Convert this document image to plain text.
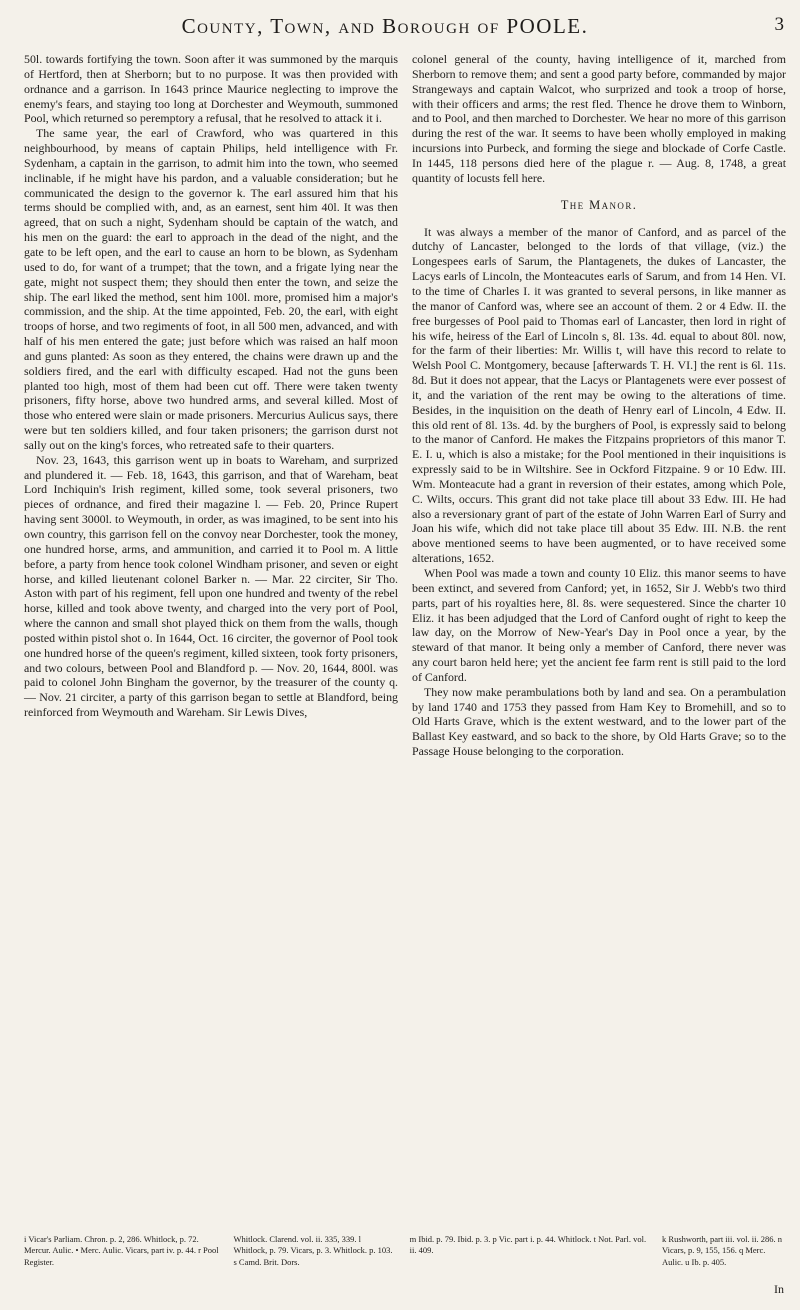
County, Town, and Borough of POOLE.	3

50l. towards fortifying the town. Soon after it was summoned by the marquis of Hertford, then at Sherborn; but to no purpose. It was then provided with ordnance and a garrison. In 1643 prince Maurice neglecting to improve the enemy's fears, and staying too long at Dorchester and Weymouth, summoned Pool, which returned so peremptory a refusal, that he resolved to attack it i.

The same year, the earl of Crawford, who was quartered in this neighbourhood, by means of captain Philips, held intelligence with Fr. Sydenham, a captain in the garrison, to admit him into the town, who seemed inclinable, if he might have his pardon, and a valuable consideration; but he communicated the design to the governor k. The earl assured him that his terms should be complied with, and, as an earnest, sent him 40l. It was then agreed, that on such a night, Sydenham should be captain of the watch, and his men on the guard: the earl to approach in the dead of the night, and the gate to be left open, and the earl to cause an horn to be blown, as Sydenham used to do, for want of a trumpet; that the town, and a frigate lying near the gate, might not suspect them; they should then enter the town, and seize the ship. The earl liked the method, sent him 100l. more, promised him a major's commission, and the ship. At the time appointed, Feb. 20, the earl, with eight troops of horse, and two regiments of foot, in all 500 men, advanced, and with half of his men entered the gate; just before which was raised an half moon and guns planted: As soon as they entered, the chains were drawn up and the soldiers fired, and the earl with difficulty escaped. Had not the guns been planted too high, most of them had been cut off. There were taken twenty prisoners, fifty horse, above two hundred arms, and several killed. Most of those who entered were slain or made prisoners. Mercurius Aulicus says, there were but ten soldiers killed, and four taken prisoners; the garrison durst not sally out on the king's forces, who retreated safe to their quarters.

Nov. 23, 1643, this garrison went up in boats to Wareham, and surprized and plundered it. — Feb. 18, 1643, this garrison, and that of Wareham, beat Lord Inchiquin's Irish regiment, killed some, took several prisoners, two pieces of ordnance, and fired their magazine l. — Feb. 20, Prince Rupert having sent 3000l. to Weymouth, in order, as was imagined, to be sent into his own country, this garrison fell on the convoy near Dorchester, took the money, one hundred horse, arms, and ammunition, and carried it to Pool m. A little before, a party from hence took colonel Windham prisoner, and seven or eight horse, and killed lieutenant colonel Barker n. — Mar. 22 circiter, Sir Tho. Aston with part of his regiment, fell upon one hundred and twenty of the rebel horse, killed and took above twenty, and charged into the very port of Pool, where the cannon and small shot played thick on them from the walls, though posted within pistol shot o. In 1644, Oct. 16 circiter, the governor of Pool took one hundred horse of the queen's regiment, killed sixteen, took forty prisoners, and two colours, between Pool and Blandford p. — Nov. 20, 1644, 800l. was paid to colonel John Bingham the governor, by the treasurer of the county q. — Nov. 21 circiter, a party of this garrison began to settle at Blandford, being reinforced from Weymouth and Wareham. Sir Lewis Dives,

colonel general of the county, having intelligence of it, marched from Sherborn to remove them; and sent a good party before, commanded by major Strangeways and captain Walcot, who surprized and took a troop of horse, with their officers and arms; the rest fled. Thence he drove them to Winborn, and to Pool, and then marched to Dorchester. We hear no more of this garrison during the rest of the war. It seems to have been wholly employed in making incursions into Purbeck, and forming the siege and blockade of Corfe Castle. In 1445, 118 persons died here of the plague r. — Aug. 8, 1748, a great quantity of locusts fell here.

The Manor.

It was always a member of the manor of Canford, and as parcel of the dutchy of Lancaster, belonged to the lords of that village, (viz.) the Longespees earls of Sarum, the Plantagenets, the dukes of Lancaster, the Lacys earls of Lincoln, the Monteacutes earls of Sarum, and from 14 Hen. VI. to the time of Charles I. it was granted to several persons, in like manner as the manor of Canford was, where see an account of them. 2 or 4 Edw. II. the free burgesses of Pool paid to Thomas earl of Lancaster, then lord in right of his wife, heiress of the Earl of Lincoln s, 8l. 13s. 4d. equal to about 80l. now, for the farm of their liberties: Mr. Willis t, will have this record to relate to Welsh Pool C. Montgomery, because [afterwards T. H. VI.] the rent is 6l. 11s. 8d. But it does not appear, that the Lacys or Plantagenets were ever possest of it, and the variation of the rent may be owing to the alterations of time. Besides, in the inquisition on the death of Henry earl of Lincoln, 4 Edw. II. this old rent of 8l. 13s. 4d. by the burghers of Pool, is expressly said to belong to the manor of Canford. He makes the Fitzpains proprietors of this manor T. E. I. u, which is also a mistake; for the Pool mentioned in their inquisitions is expressly said to be in Wiltshire. See in Ockford Fitzpaine. 9 or 10 Edw. III. Wm. Monteacute had a grant in reversion of their estates, among which Pole, C. Wilts, occurs. This grant did not take place till about 33 Edw. III. He had also a reversionary grant of part of the estate of John Warren Earl of Surry and Joan his wife, which did not take place till about 35 Edw. III. N.B. the rent above mentioned seems to have been augmented, or to have received some alterations, 1652.

When Pool was made a town and county 10 Eliz. this manor seems to have been extinct, and severed from Canford; yet, in 1652, Sir J. Webb's two third parts, part of his royalties here, 8l. 8s. were sequestered. Since the charter 10 Eliz. it has been adjudged that the Lord of Canford ought of right to keep the law day, on the Morrow of New-Year's Day in Pool once a year, by the steward of that manor. It being only a member of Canford, there never was any court baron held here; yet the ancient fee farm rent is still paid to the lord of Canford.

They now make perambulations both by land and sea. On a perambulation by land 1740 and 1753 they passed from Ham Key to Bromehill, and so to Old Harts Grave, which is the extent westward, and to the lower part of the Ballast Key eastward, and so back to the shore, by Old Harts Grave; so to the Passage House belonging to the corporation.

i Vicar's Parliam. Chron. p. 2, 286. Whitlock, p. 72. Mercur. Aulic. • Merc. Aulic. Vicars, part iv. p. 44. r Pool Register.
Whitlock. Clarend. vol. ii. 335, 339. l Whitlock, p. 79. Vicars, p. 3. Whitlock. p. 103. s Camd. Brit. Dors.
m Ibid. p. 79. Ibid. p. 3. p Vic. part i. p. 44. Whitlock. t Not. Parl. vol. ii. 409.
k Rushworth, part iii. vol. ii. 286. n Vicars, p. 9, 155, 156. q Merc. Aulic. u Ib. p. 405.
In
